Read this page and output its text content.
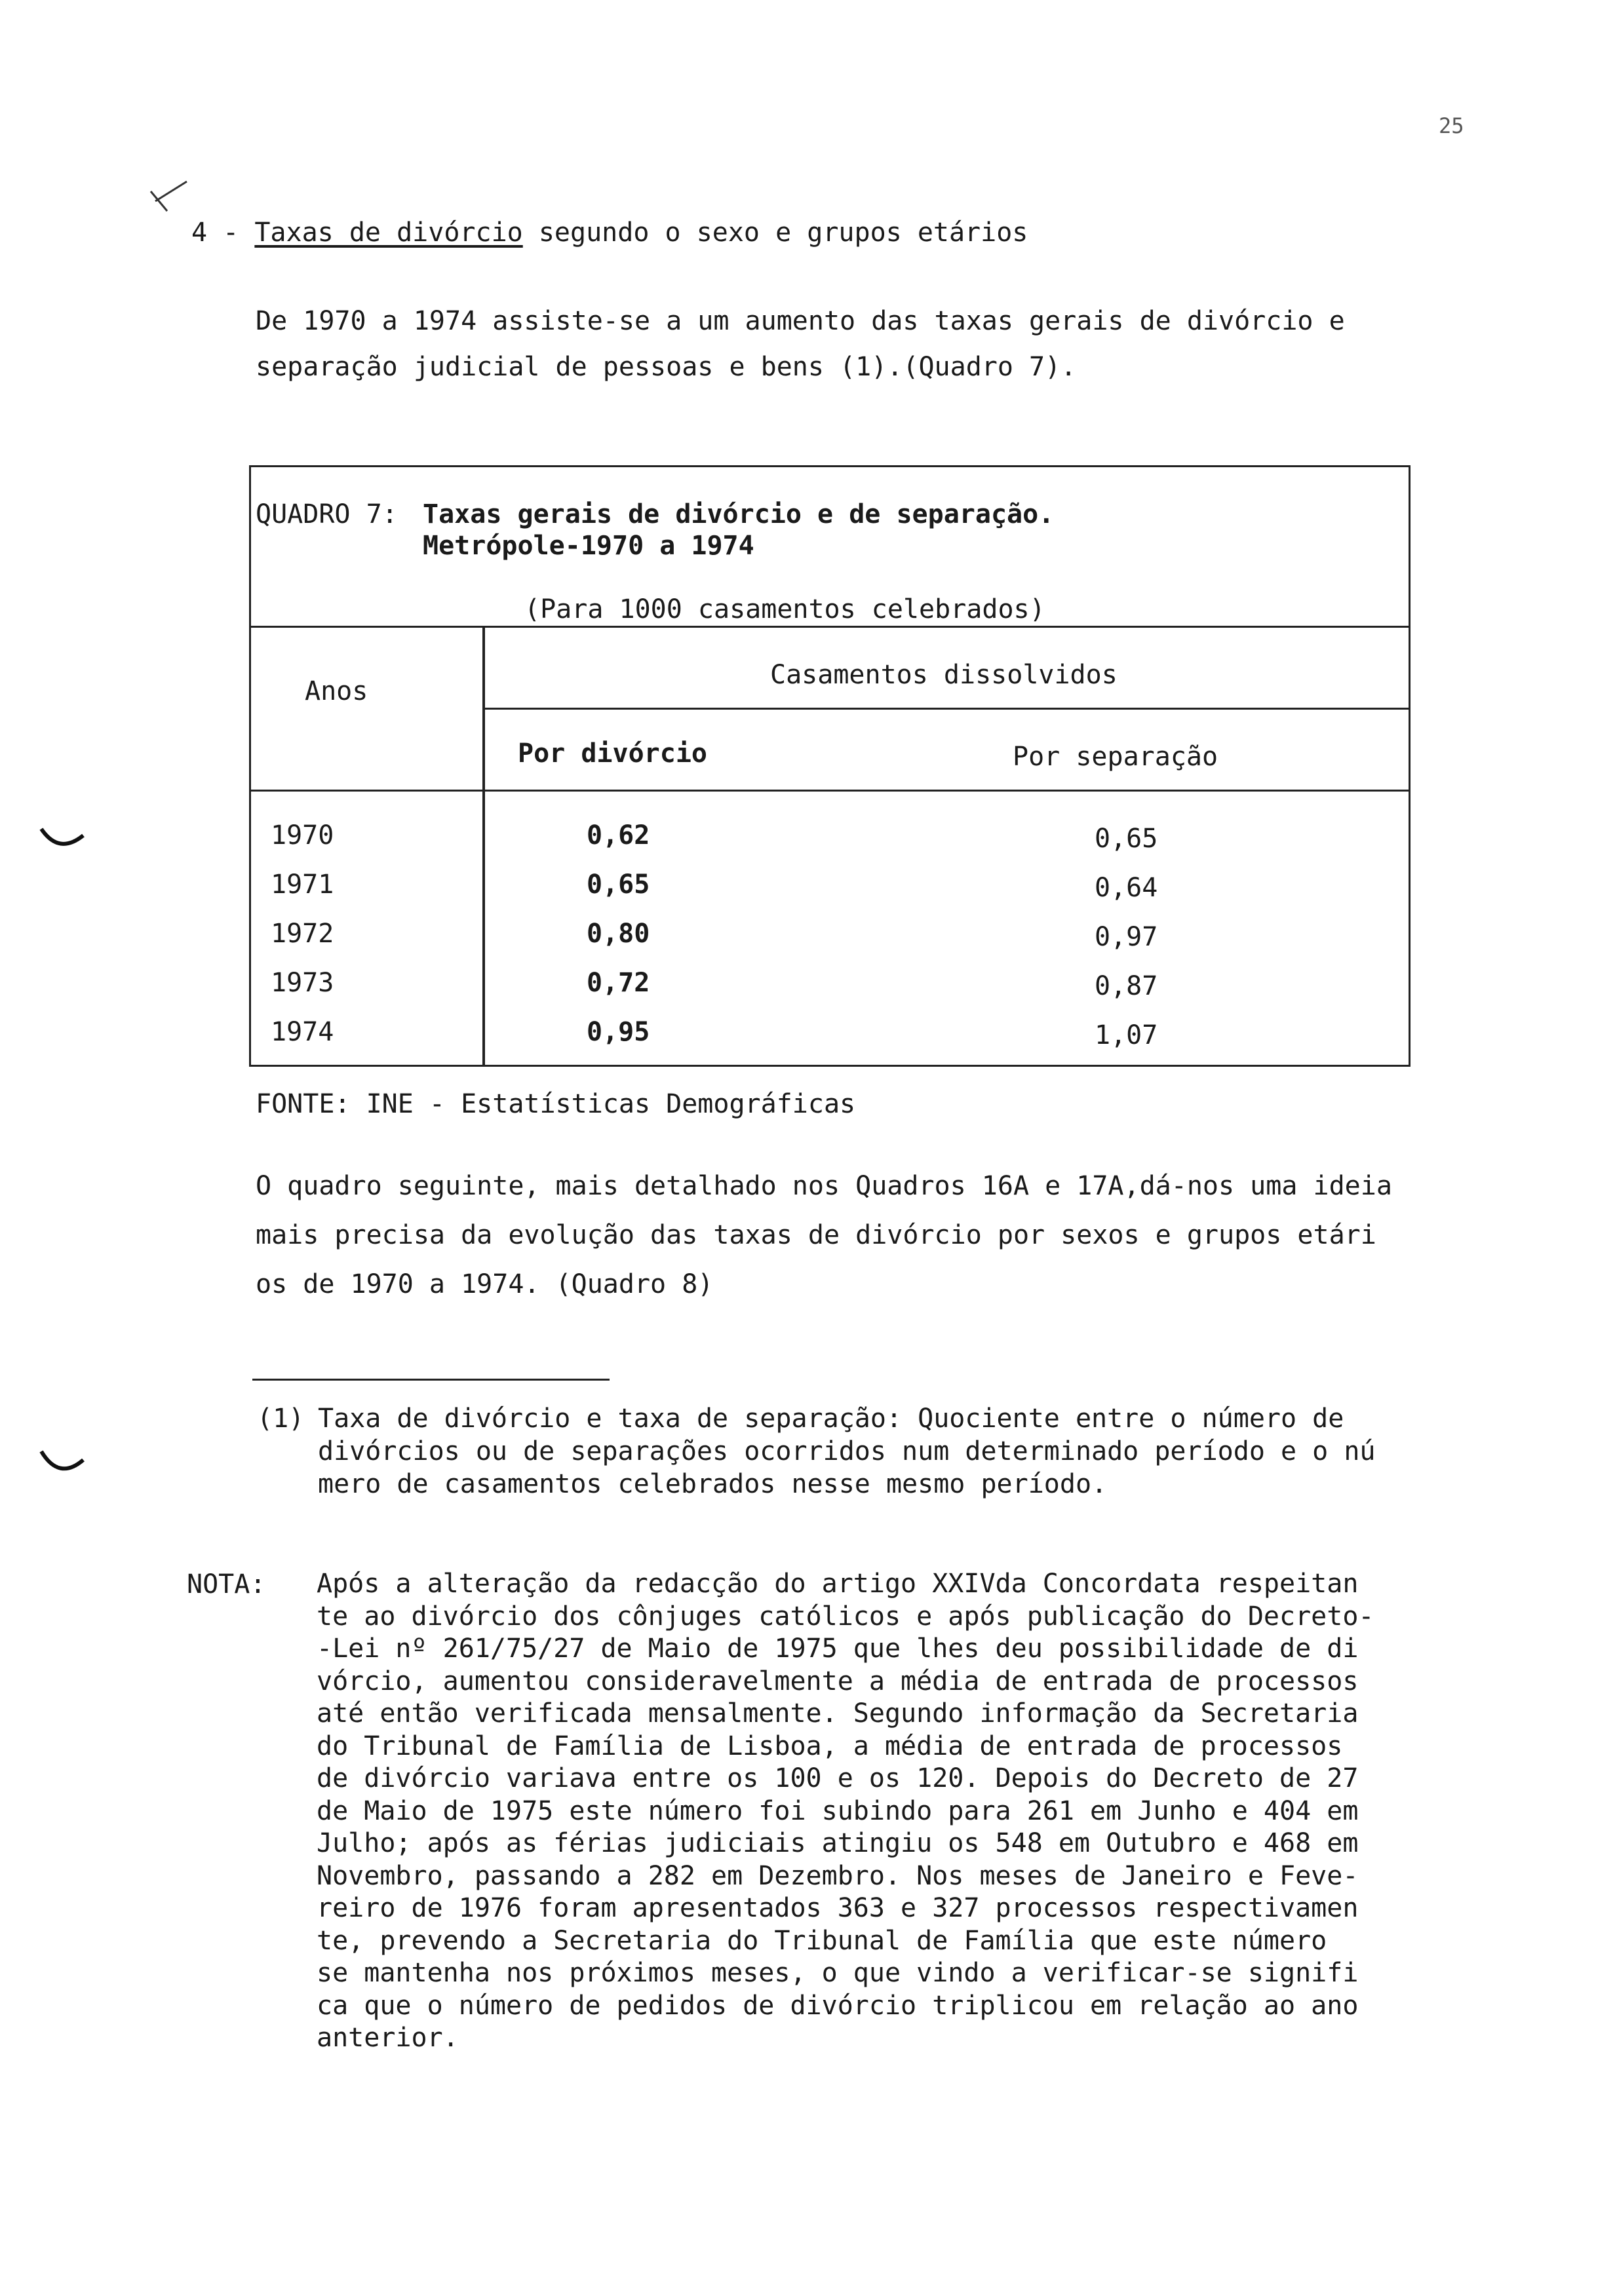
25
4 - Taxas de divórcio segundo o sexo e grupos etários
De 1970 a 1974 assiste-se a um aumento das taxas gerais de divórcio e
separação judicial de pessoas e bens (1).(Quadro 7).
QUADRO 7: Taxas gerais de divórcio e de separação.
Metrópole-1970 a 1974
(Para 1000 casamentos celebrados)
Anos
Casamentos dissolvidos
Por divórcio	Por separação
1970	0,62	0,65
1971	0,65	0,64
1972	0,80	0,97
1973	0,72	0,87
1974	0,95	1,07
FONTE: INE - Estatísticas Demográficas
O quadro seguinte, mais detalhado nos Quadros 16A e 17A,dá-nos uma ideia
mais precisa da evolução das taxas de divórcio por sexos e grupos etári
os de 1970 a 1974. (Quadro 8)
(1) Taxa de divórcio e taxa de separação: Quociente entre o número de
divórcios ou de separações ocorridos num determinado período e o nú
mero de casamentos celebrados nesse mesmo período.
NOTA: Após a alteração da redacção do artigo XXIVda Concordata respeitan
te ao divórcio dos cônjuges católicos e após publicação do Decreto-
-Lei nº 261/75/27 de Maio de 1975 que lhes deu possibilidade de di
vórcio, aumentou consideravelmente a média de entrada de processos
até então verificada mensalmente. Segundo informação da Secretaria
do Tribunal de Família de Lisboa, a média de entrada de processos
de divórcio variava entre os 100 e os 120. Depois do Decreto de 27
de Maio de 1975 este número foi subindo para 261 em Junho e 404 em
Julho; após as férias judiciais atingiu os 548 em Outubro e 468 em
Novembro, passando a 282 em Dezembro. Nos meses de Janeiro e Feve-
reiro de 1976 foram apresentados 363 e 327 processos respectivamen
te, prevendo a Secretaria do Tribunal de Família que este número
se mantenha nos próximos meses, o que vindo a verificar-se signifi
ca que o número de pedidos de divórcio triplicou em relação ao ano
anterior.
